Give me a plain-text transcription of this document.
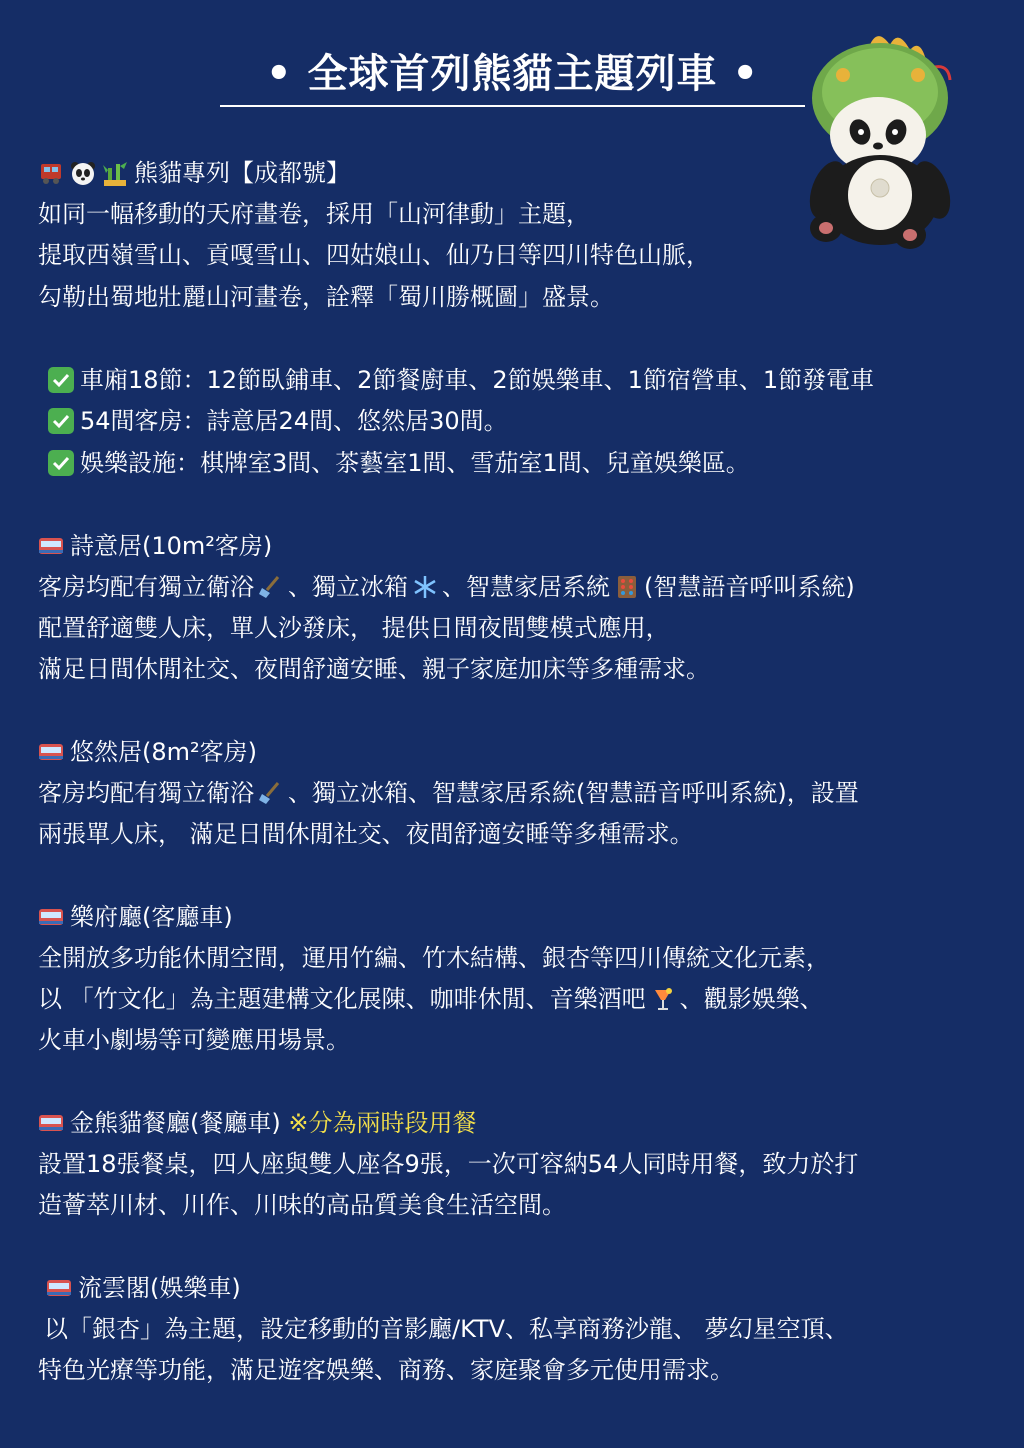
• 全球首列熊貓主題列車 •
熊貓專列【成都號】
如同一幅移動的天府畫卷，採用「山河律動」主題，
提取西嶺雪山、貢嘎雪山、四姑娘山、仙乃日等四川特色山脈，
勾勒出蜀地壯麗山河畫卷，詮釋「蜀川勝概圖」盛景。
車廂18節：12節臥鋪車、2節餐廚車、2節娛樂車、1節宿營車、1節發電車
54間客房：詩意居24間、悠然居30間。
娛樂設施：棋牌室3間、茶藝室1間、雪茄室1間、兒童娛樂區。
詩意居(10m²客房)
客房均配有獨立衛浴 、獨立冰箱 、智慧家居系統 (智慧語音呼叫系統)
配置舒適雙人床，單人沙發床， 提供日間夜間雙模式應用，
滿足日間休閒社交、夜間舒適安睡、親子家庭加床等多種需求。
悠然居(8m²客房)
客房均配有獨立衛浴 、獨立冰箱、智慧家居系統(智慧語音呼叫系統)，設置
兩張單人床， 滿足日間休閒社交、夜間舒適安睡等多種需求。
樂府廳(客廳車)
全開放多功能休閒空間，運用竹編、竹木結構、銀杏等四川傳統文化元素，
以 「竹文化」為主題建構文化展陳、咖啡休閒、音樂酒吧 、觀影娛樂、
火車小劇場等可變應用場景。
金熊貓餐廳(餐廳車) ※分為兩時段用餐
設置18張餐桌，四人座與雙人座各9張，一次可容納54人同時用餐，致力於打
造薈萃川材、川作、川味的高品質美食生活空間。
流雲閣(娛樂車)
以「銀杏」為主題，設定移動的音影廳/KTV、私享商務沙龍、 夢幻星空頂、
特色光療等功能，滿足遊客娛樂、商務、家庭聚會多元使用需求。
